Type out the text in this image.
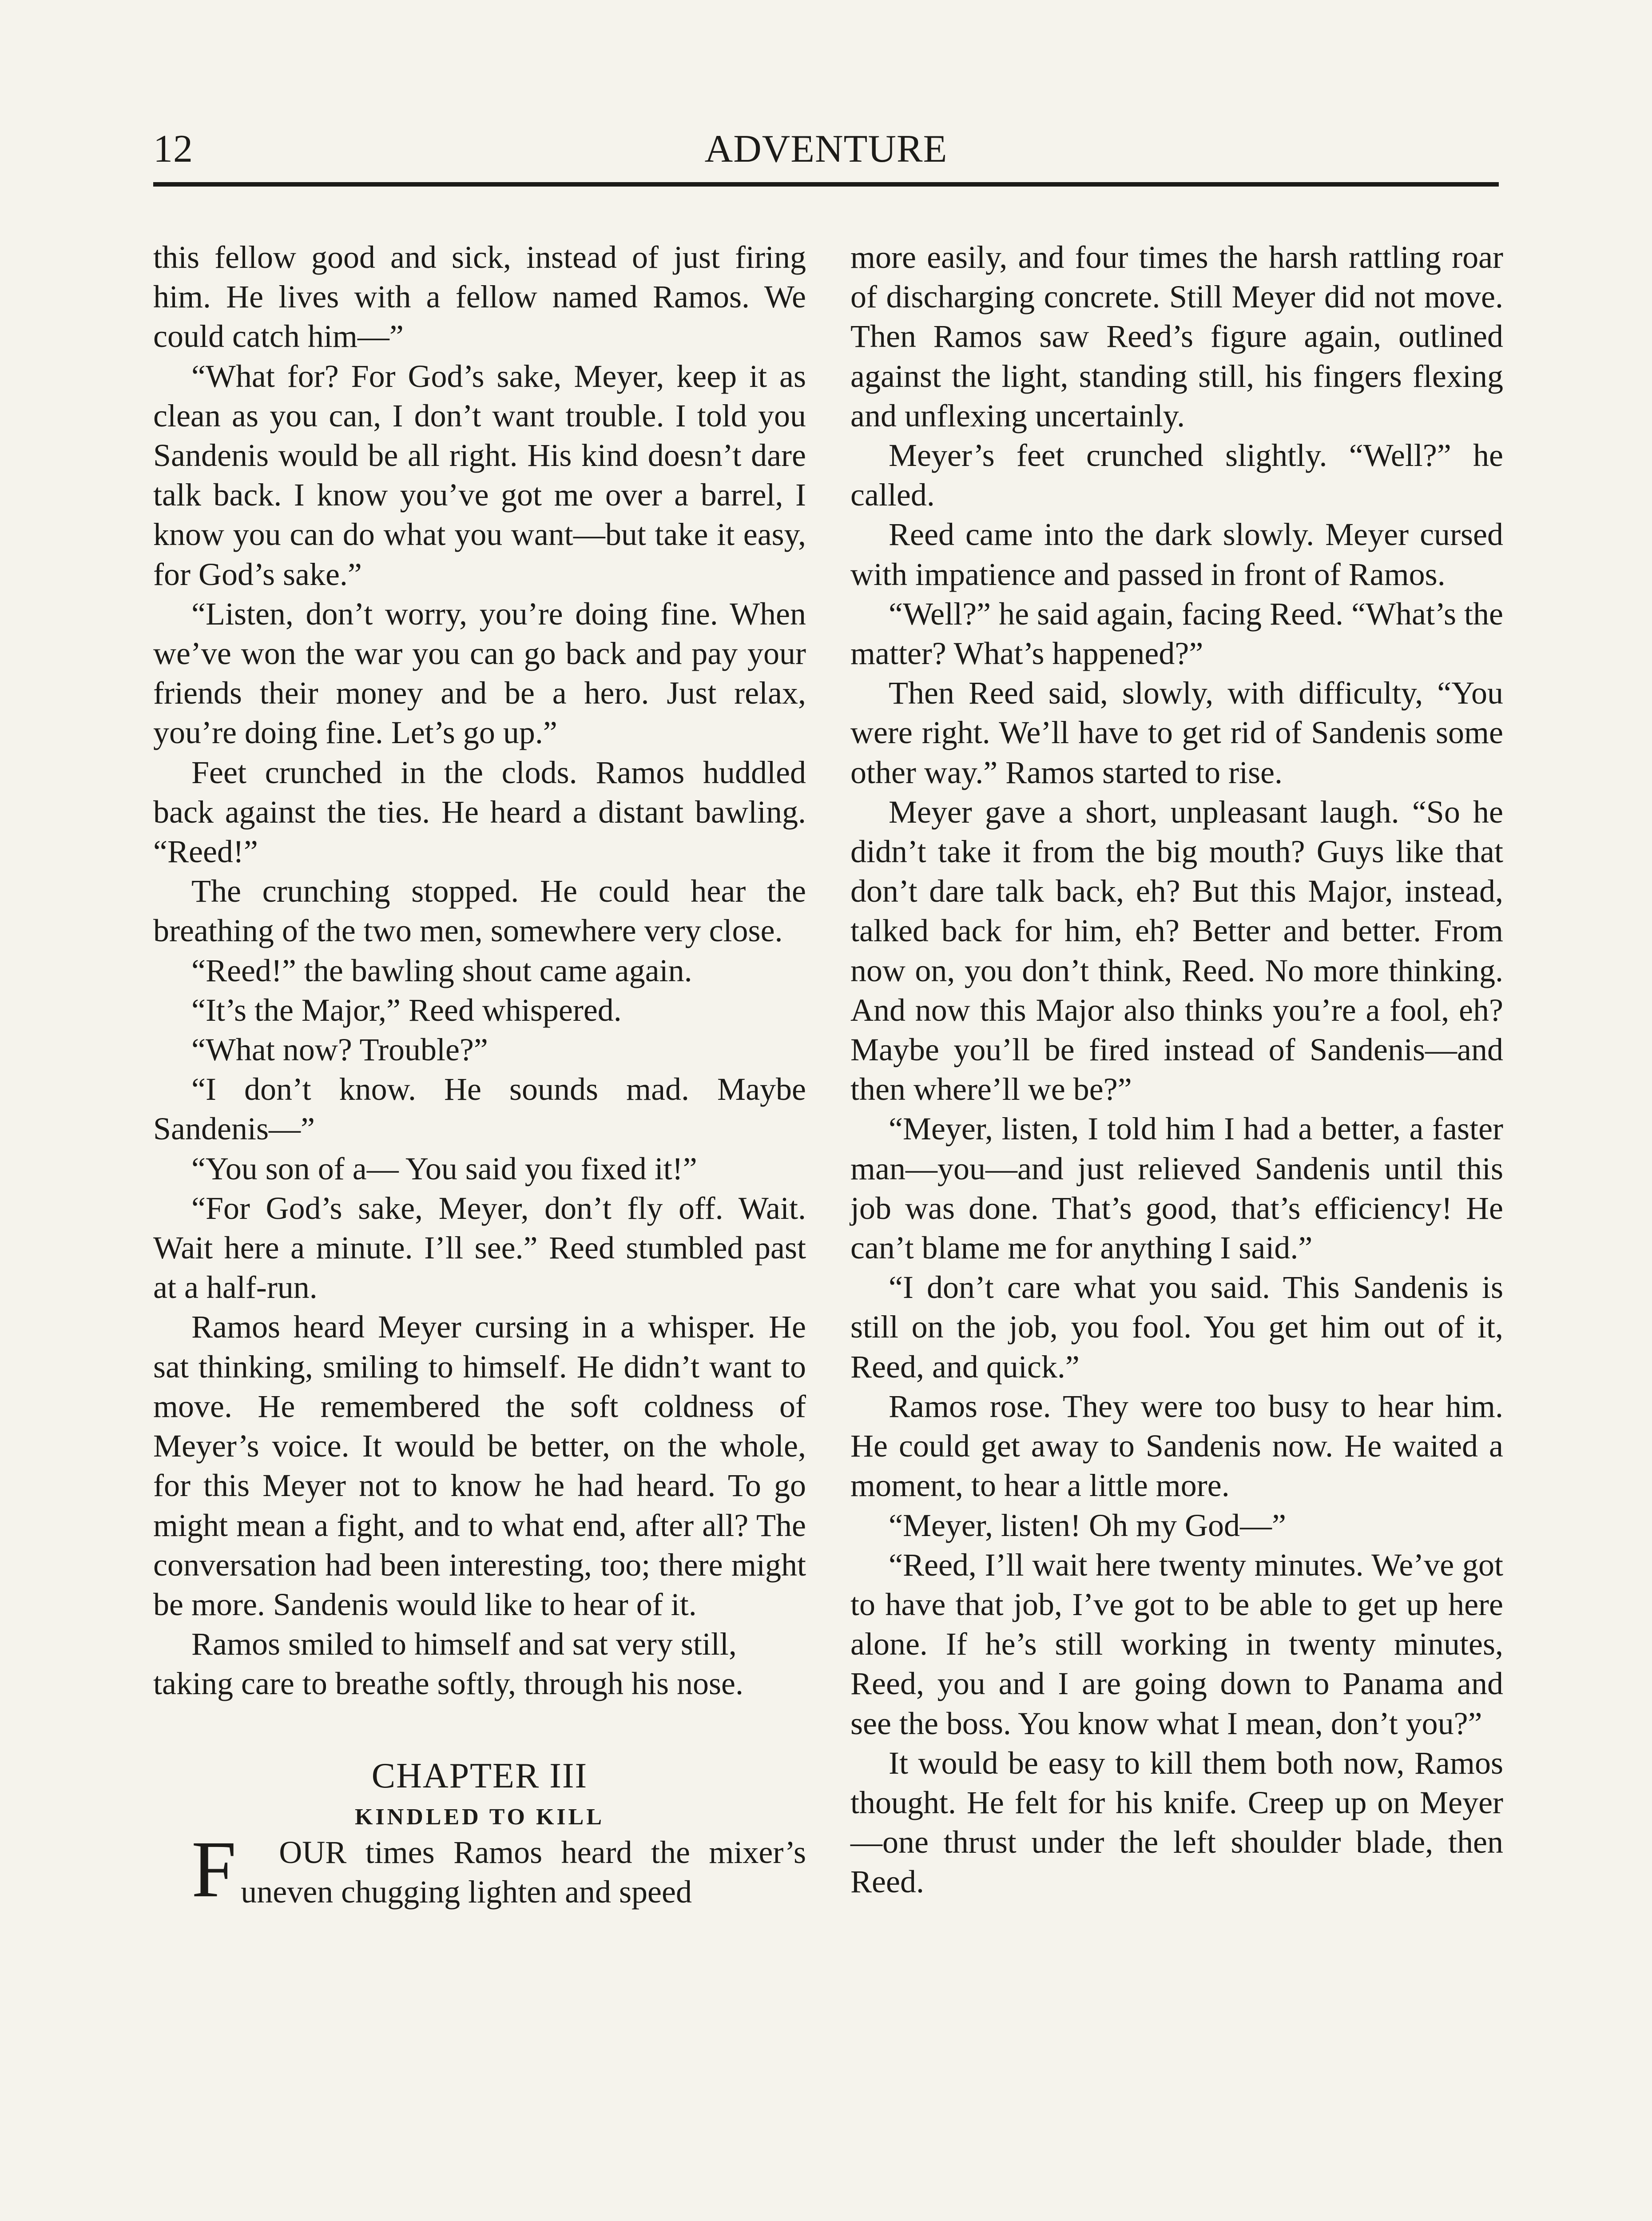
12	ADVENTURE

this fellow good and sick, instead of just firing him. He lives with a fellow named Ramos. We could catch him—”

“What for? For God’s sake, Meyer, keep it as clean as you can, I don’t want trouble. I told you Sandenis would be all right. His kind doesn’t dare talk back. I know you’ve got me over a barrel, I know you can do what you want—but take it easy, for God’s sake.”

“Listen, don’t worry, you’re doing fine. When we’ve won the war you can go back and pay your friends their money and be a hero. Just relax, you’re doing fine. Let’s go up.”

Feet crunched in the clods. Ramos huddled back against the ties. He heard a distant bawling. “Reed!”

The crunching stopped. He could hear the breathing of the two men, somewhere very close.

“Reed!” the bawling shout came again.

“It’s the Major,” Reed whispered.

“What now? Trouble?”

“I don’t know. He sounds mad. Maybe Sandenis—”

“You son of a— You said you fixed it!”

“For God’s sake, Meyer, don’t fly off. Wait. Wait here a minute. I’ll see.” Reed stumbled past at a half-run.

Ramos heard Meyer cursing in a whisper. He sat thinking, smiling to himself. He didn’t want to move. He remembered the soft coldness of Meyer’s voice. It would be better, on the whole, for this Meyer not to know he had heard. To go might mean a fight, and to what end, after all? The conversation had been interesting, too; there might be more. Sandenis would like to hear of it.

Ramos smiled to himself and sat very still, taking care to breathe softly, through his nose.

CHAPTER III
KINDLED TO KILL

F OUR times Ramos heard the mixer’s uneven chugging lighten and speed

more easily, and four times the harsh rattling roar of discharging concrete. Still Meyer did not move. Then Ramos saw Reed’s figure again, outlined against the light, standing still, his fingers flexing and unflexing uncertainly.

Meyer’s feet crunched slightly. “Well?” he called.

Reed came into the dark slowly. Meyer cursed with impatience and passed in front of Ramos.

“Well?” he said again, facing Reed. “What’s the matter? What’s happened?”

Then Reed said, slowly, with difficulty, “You were right. We’ll have to get rid of Sandenis some other way.” Ramos started to rise.

Meyer gave a short, unpleasant laugh. “So he didn’t take it from the big mouth? Guys like that don’t dare talk back, eh? But this Major, instead, talked back for him, eh? Better and better. From now on, you don’t think, Reed. No more thinking. And now this Major also thinks you’re a fool, eh? Maybe you’ll be fired instead of Sandenis—and then where’ll we be?”

“Meyer, listen, I told him I had a better, a faster man—you—and just relieved Sandenis until this job was done. That’s good, that’s efficiency! He can’t blame me for anything I said.”

“I don’t care what you said. This Sandenis is still on the job, you fool. You get him out of it, Reed, and quick.”

Ramos rose. They were too busy to hear him. He could get away to Sandenis now. He waited a moment, to hear a little more.

“Meyer, listen! Oh my God—”

“Reed, I’ll wait here twenty minutes. We’ve got to have that job, I’ve got to be able to get up here alone. If he’s still working in twenty minutes, Reed, you and I are going down to Panama and see the boss. You know what I mean, don’t you?”

It would be easy to kill them both now, Ramos thought. He felt for his knife. Creep up on Meyer—one thrust under the left shoulder blade, then Reed.
